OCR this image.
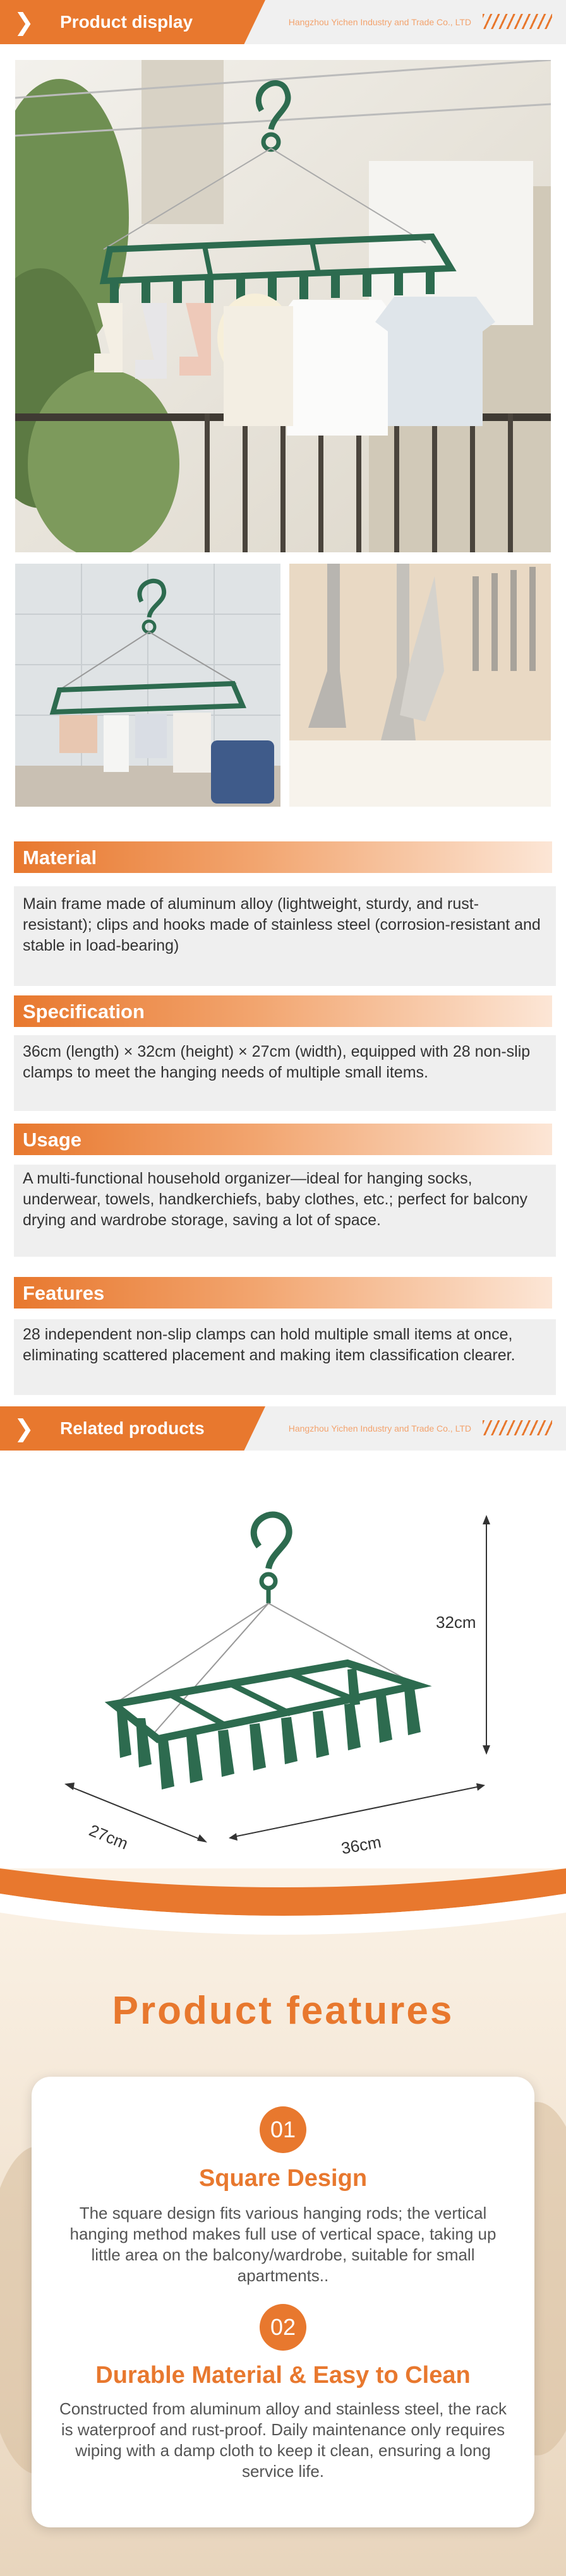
❯ Product display	Hangzhou Yichen Industry and Trade Co., LTD
Material
Main frame made of aluminum alloy (lightweight, sturdy, and rust-resistant); clips and hooks made of stainless steel (corrosion-resistant and stable in load-bearing)
Specification
36cm (length) × 32cm (height) × 27cm (width), equipped with 28 non-slip clamps to meet the hanging needs of multiple small items.
Usage
A multi-functional household organizer—ideal for hanging socks, underwear, towels, handkerchiefs, baby clothes, etc.; perfect for balcony drying and wardrobe storage, saving a lot of space.
Features
28 independent non-slip clamps can hold multiple small items at once, eliminating scattered placement and making item classification clearer.
❯ Related products	Hangzhou Yichen Industry and Trade Co., LTD
32cm
27cm	36cm
Product features
01
Square Design
The square design fits various hanging rods; the vertical hanging method makes full use of vertical space, taking up little area on the balcony/wardrobe, suitable for small apartments..
02
Durable Material & Easy to Clean
Constructed from aluminum alloy and stainless steel, the rack is waterproof and rust-proof. Daily maintenance only requires wiping with a damp cloth to keep it clean, ensuring a long service life.
